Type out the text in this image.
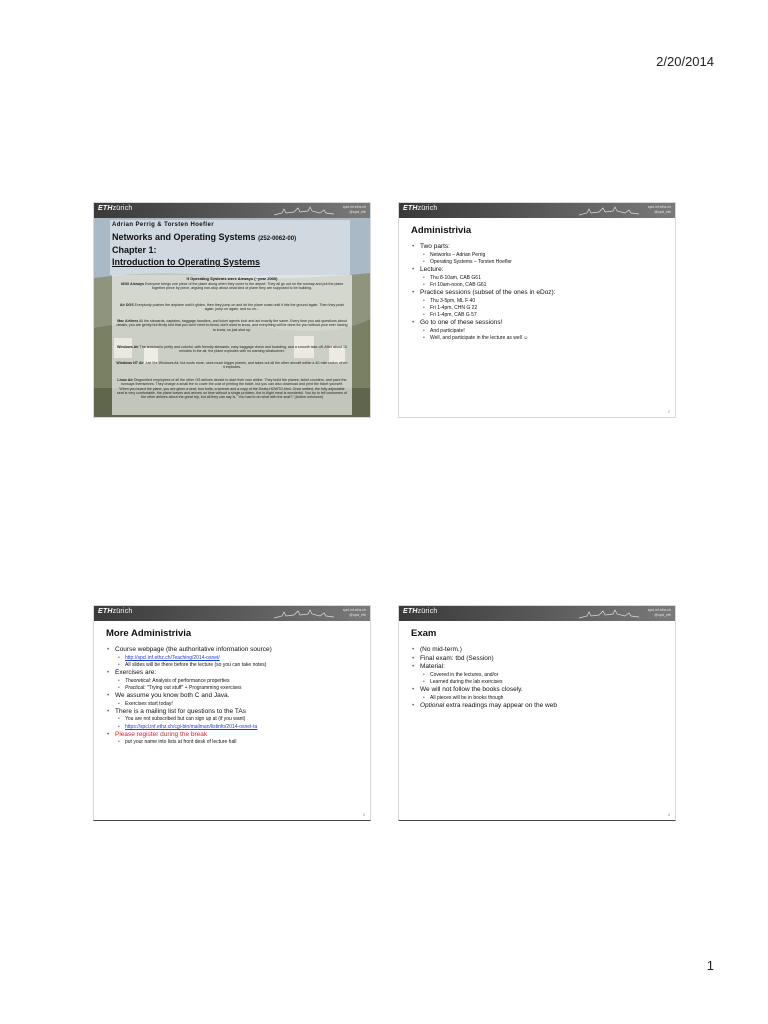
2/20/2014
ETHzürich	spcl.inf.ethz.ch
@spcl_eth
Adrian Perrig & Torsten Hoefler
Networks and Operating Systems (252-0062-00)
Chapter 1:
Introduction to Operating Systems
If Operating Systems were Airways (~year 2000)
UNIX Airways Everyone brings one piece of the plane along when they come to the airport. They all go out on the runway and put the plane together piece by piece, arguing non-stop about what kind of plane they are supposed to be building.
Air DOS Everybody pushes the airplane until it glides, then they jump on and let the plane coast until it hits the ground again. Then they push again, jump on again, and so on…
Mac Airlines All the stewards, captains, baggage handlers, and ticket agents look and act exactly the same. Every time you ask questions about details, you are gently but firmly told that you don't need to know, don't want to know, and everything will be done for you without your ever having to know, so just shut up.
Windows Air The terminal is pretty and colorful, with friendly stewards, easy baggage check and boarding, and a smooth take-off. After about 10 minutes in the air, the plane explodes with no warning whatsoever.
Windows NT Air Just like Windows Air, but costs more, uses much bigger planes, and takes out all the other aircraft within a 40-mile radius when it explodes.
Linux Air Disgruntled employees of all the other OS airlines decide to start their own airline. They build the planes, ticket counters, and pave the runways themselves. They charge a small fee to cover the cost of printing the ticket, but you can also download and print the ticket yourself. When you board the plane, you are given a seat, four bolts, a wrench and a copy of the Seats-HOWTO.html. Once settled, the fully adjustable seat is very comfortable, the plane leaves and arrives on time without a single problem, the in-flight meal is wonderful. You try to tell customers of the other airlines about the great trip, but all they can say is, "You had to do what with the seat?" (Author unknown)
ETHzürich	spcl.inf.ethz.ch
@spcl_eth
Administrivia
• Two parts:
• Networks – Adrian Perrig
• Operating Systems – Torsten Hoefler
• Lecture:
• Thu 8-10am, CAB G61
• Fri 10am-noon, CAB G61
• Practice sessions (subset of the ones in eDoz):
• Thu 3-5pm, ML F 40
• Fri 1-4pm, CHN G 22
• Fri 1-4pm, CAB G 57
• Go to one of these sessions!
• And participate!
• Well, and participate in the lecture as well ☺
2
ETHzürich	spcl.inf.ethz.ch
@spcl_eth
More Administrivia
• Course webpage (the authoritative information source)
• http://spcl.inf.ethz.ch/Teaching/2014-osnet/
• All slides will be there before the lecture (so you can take notes)
• Exercises are:
• Theoretical: Analysis of performance properties
• Practical: "Trying out stuff" + Programming exercises
• We assume you know both C and Java.
• Exercises start today!
• There is a mailing list for questions to the TAs
• You are not subscribed but can sign up at (if you want)
• https://spcl.inf.ethz.ch/cgi-bin/mailman/listinfo/2014-osnet-ta
• Please register during the break
• put your name into lists at front desk of lecture hall
3
ETHzürich	spcl.inf.ethz.ch
@spcl_eth
Exam
• (No mid-term.)
• Final exam: tbd (Session)
• Material:
• Covered in the lectures, and/or
• Learned during the lab exercises
• We will not follow the books closely.
• All pieces will be in books though
• Optional extra readings may appear on the web
4
1
